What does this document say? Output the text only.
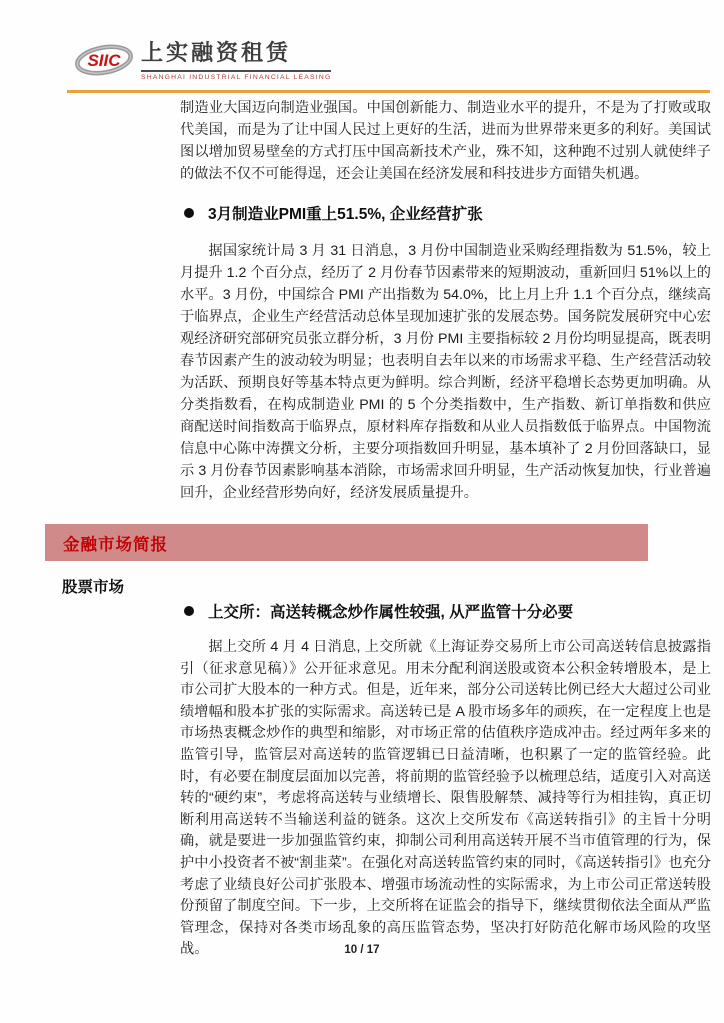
SIIC 上实融资租赁
SHANGHAI INDUSTRIAL FINANCIAL LEASING

制造业大国迈向制造业强国。中国创新能力、制造业水平的提升，不是为了打败或取代美国，而是为了让中国人民过上更好的生活，进而为世界带来更多的利好。美国试图以增加贸易壁垒的方式打压中国高新技术产业，殊不知，这种跑不过别人就使绊子的做法不仅不可能得逞，还会让美国在经济发展和科技进步方面错失机遇。

3月制造业PMI重上51.5%, 企业经营扩张

据国家统计局 3 月 31 日消息，3 月份中国制造业采购经理指数为 51.5%，较上月提升 1.2 个百分点，经历了 2 月份春节因素带来的短期波动，重新回归 51%以上的水平。3 月份，中国综合 PMI 产出指数为 54.0%，比上月上升 1.1 个百分点，继续高于临界点，企业生产经营活动总体呈现加速扩张的发展态势。国务院发展研究中心宏观经济研究部研究员张立群分析，3 月份 PMI 主要指标较 2 月份均明显提高，既表明春节因素产生的波动较为明显；也表明自去年以来的市场需求平稳、生产经营活动较为活跃、预期良好等基本特点更为鲜明。综合判断，经济平稳增长态势更加明确。从分类指数看，在构成制造业 PMI 的 5 个分类指数中，生产指数、新订单指数和供应商配送时间指数高于临界点，原材料库存指数和从业人员指数低于临界点。中国物流信息中心陈中涛撰文分析，主要分项指数回升明显，基本填补了 2 月份回落缺口，显示 3 月份春节因素影响基本消除，市场需求回升明显，生产活动恢复加快，行业普遍回升，企业经营形势向好，经济发展质量提升。

金融市场简报
股票市场
上交所：高送转概念炒作属性较强, 从严监管十分必要

据上交所 4 月 4 日消息, 上交所就《上海证券交易所上市公司高送转信息披露指引（征求意见稿）》公开征求意见。用未分配利润送股或资本公积金转增股本，是上市公司扩大股本的一种方式。但是，近年来，部分公司送转比例已经大大超过公司业绩增幅和股本扩张的实际需求。高送转已是 A 股市场多年的顽疾，在一定程度上也是市场热衷概念炒作的典型和缩影，对市场正常的估值秩序造成冲击。经过两年多来的监管引导，监管层对高送转的监管逻辑已日益清晰，也积累了一定的监管经验。此时，有必要在制度层面加以完善，将前期的监管经验予以梳理总结，适度引入对高送转的“硬约束”，考虑将高送转与业绩增长、限售股解禁、减持等行为相挂钩，真正切断利用高送转不当输送利益的链条。这次上交所发布《高送转指引》的主旨十分明确，就是要进一步加强监管约束，抑制公司利用高送转开展不当市值管理的行为，保护中小投资者不被“割韭菜”。在强化对高送转监管约束的同时，《高送转指引》也充分考虑了业绩良好公司扩张股本、增强市场流动性的实际需求，为上市公司正常送转股份预留了制度空间。下一步，上交所将在证监会的指导下，继续贯彻依法全面从严监管理念，保持对各类市场乱象的高压监管态势，坚决打好防范化解市场风险的攻坚战。	10 / 17
